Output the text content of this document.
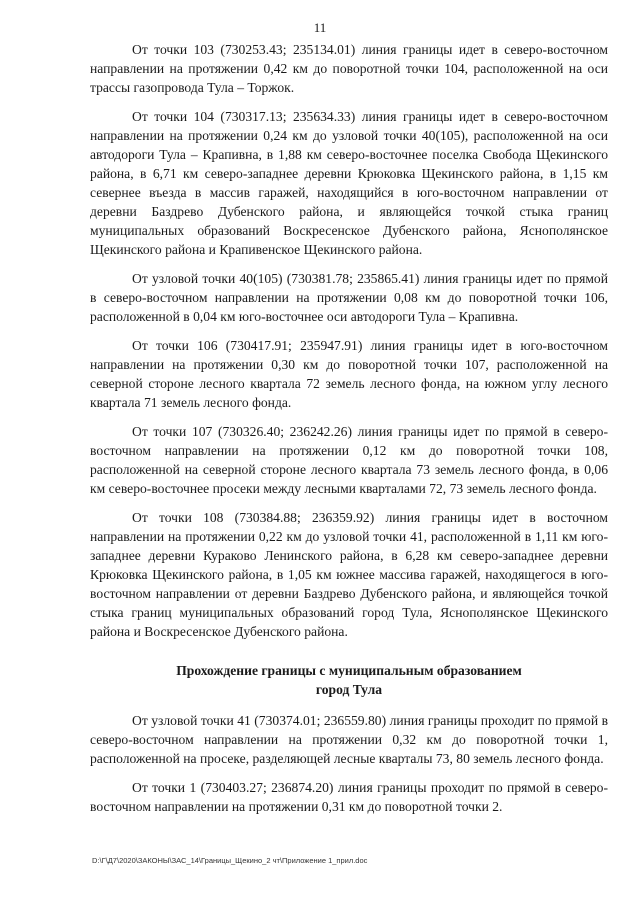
11

От точки 103 (730253.43; 235134.01) линия границы идет в северо-восточном направлении на протяжении 0,42 км до поворотной точки 104, расположенной на оси трассы газопровода Тула – Торжок.

От точки 104 (730317.13; 235634.33) линия границы идет в северо-восточном направлении на протяжении 0,24 км до узловой точки 40(105), расположенной на оси автодороги Тула – Крапивна, в 1,88 км северо-восточнее поселка Свобода Щекинского района, в 6,71 км северо-западнее деревни Крюковка Щекинского района, в 1,15 км севернее въезда в массив гаражей, находящийся в юго-восточном направлении от деревни Баздрево Дубенского района, и являющейся точкой стыка границ муниципальных образований Воскресенское Дубенского района, Яснополянское Щекинского района и Крапивенское Щекинского района.

От узловой точки 40(105) (730381.78; 235865.41) линия границы идет по прямой в северо-восточном направлении на протяжении 0,08 км до поворотной точки 106, расположенной в 0,04 км юго-восточнее оси автодороги Тула – Крапивна.

От точки 106 (730417.91; 235947.91) линия границы идет в юго-восточном направлении на протяжении 0,30 км до поворотной точки 107, расположенной на северной стороне лесного квартала 72 земель лесного фонда, на южном углу лесного квартала 71 земель лесного фонда.

От точки 107 (730326.40; 236242.26) линия границы идет по прямой в северо-восточном направлении на протяжении 0,12 км до поворотной точки 108, расположенной на северной стороне лесного квартала 73 земель лесного фонда, в 0,06 км северо-восточнее просеки между лесными кварталами 72, 73 земель лесного фонда.

От точки 108 (730384.88; 236359.92) линия границы идет в восточном направлении на протяжении 0,22 км до узловой точки 41, расположенной в 1,11 км юго-западнее деревни Кураково Ленинского района, в 6,28 км северо-западнее деревни Крюковка Щекинского района, в 1,05 км южнее массива гаражей, находящегося в юго-восточном направлении от деревни Баздрево Дубенского района, и являющейся точкой стыка границ муниципальных образований город Тула, Яснополянское Щекинского района и Воскресенское Дубенского района.

Прохождение границы с муниципальным образованием
город Тула

От узловой точки 41 (730374.01; 236559.80) линия границы проходит по прямой в северо-восточном направлении на протяжении 0,32 км до поворотной точки 1, расположенной на просеке, разделяющей лесные кварталы 73, 80 земель лесного фонда.

От точки 1 (730403.27; 236874.20) линия границы проходит по прямой в северо-восточном направлении на протяжении 0,31 км до поворотной точки 2.

D:\Г\Д7\2020\ЗАКОНЫ\ЗАС_14\Границы_Щекино_2 чт\Приложение 1_прил.doc
